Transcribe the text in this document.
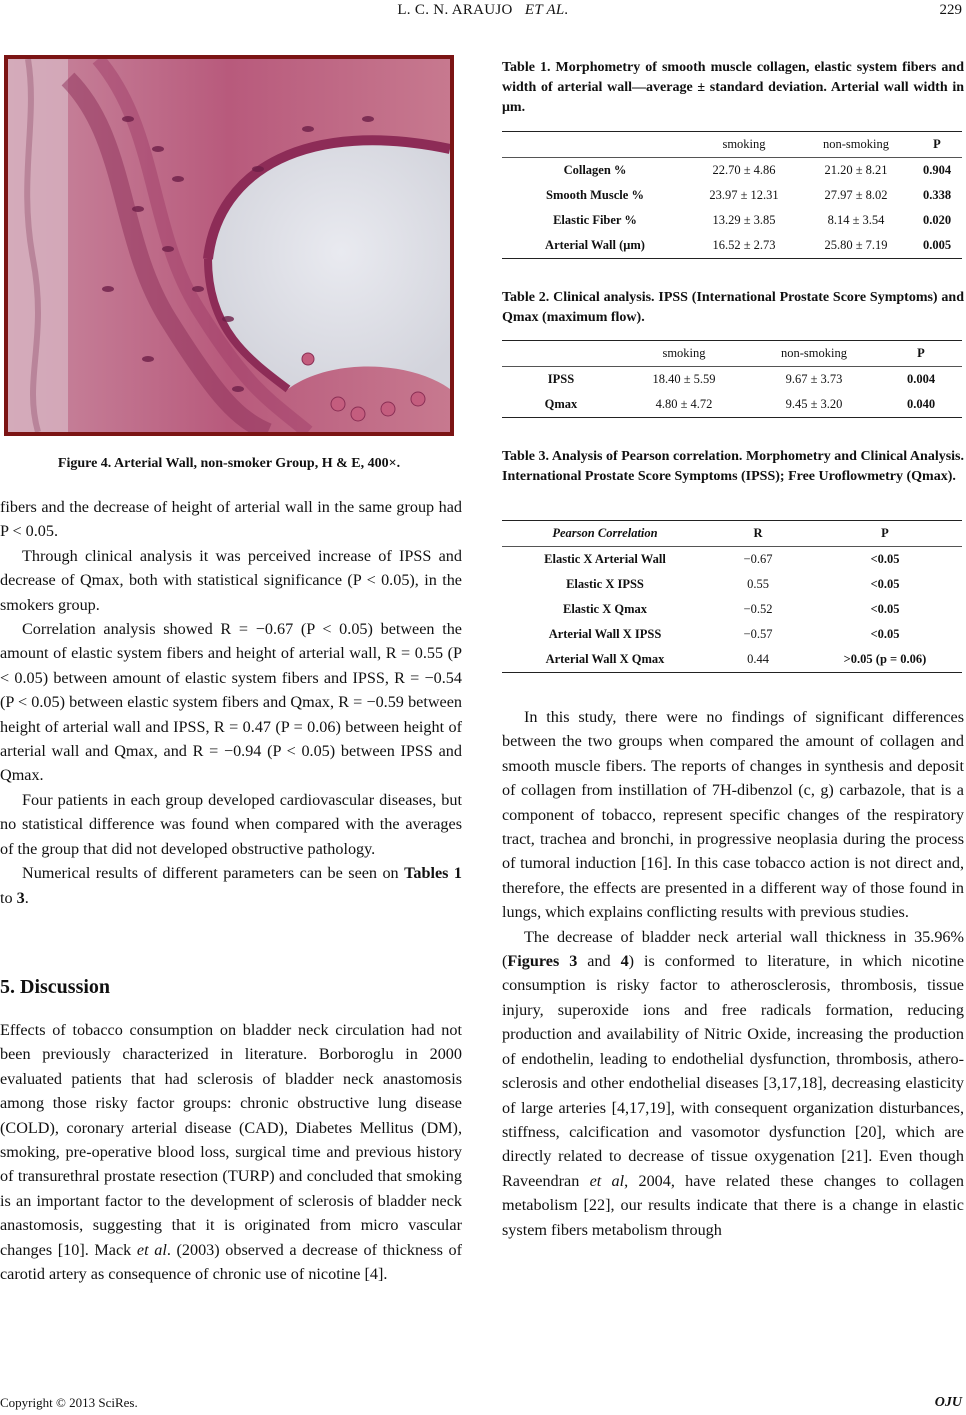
L. C. N. ARAUJO ET AL.	229
Figure 4. Arterial Wall, non-smoker Group, H & E, 400×.

fibers and the decrease of height of arterial wall in the same group had P < 0.05.

Through clinical analysis it was perceived increase of IPSS and decrease of Qmax, both with statistical significance (P < 0.05), in the smokers group.

Correlation analysis showed R = −0.67 (P < 0.05) between the amount of elastic system fibers and height of arterial wall, R = 0.55 (P < 0.05) between amount of elastic system fibers and IPSS, R = −0.54 (P < 0.05) between elastic system fibers and Qmax, R = −0.59 between height of arterial wall and IPSS, R = 0.47 (P = 0.06) between height of arterial wall and Qmax, and R = −0.94 (P < 0.05) between IPSS and Qmax.

Four patients in each group developed cardiovascular diseases, but no statistical difference was found when compared with the averages of the group that did not developed obstructive pathology.

Numerical results of different parameters can be seen on Tables 1 to 3.

5. Discussion

Effects of tobacco consumption on bladder neck circulation had not been previously characterized in literature. Borboroglu in 2000 evaluated patients that had sclerosis of bladder neck anastomosis among those risky factor groups: chronic obstructive lung disease (COLD), coronary arterial disease (CAD), Diabetes Mellitus (DM), smoking, pre-operative blood loss, surgical time and previous history of transurethral prostate resection (TURP) and concluded that smoking is an important factor to the development of sclerosis of bladder neck anastomosis, suggesting that it is originated from micro vascular changes [10]. Mack et al. (2003) observed a decrease of thickness of carotid artery as consequence of chronic use of nicotine [4].

Table 1. Morphometry of smooth muscle collagen, elastic system fibers and width of arterial wall—average ± standard deviation. Arterial wall width in μm.
	smoking	non-smoking	P
Collagen %	22.70 ± 4.86	21.20 ± 8.21	0.904
Smooth Muscle %	23.97 ± 12.31	27.97 ± 8.02	0.338
Elastic Fiber %	13.29 ± 3.85	8.14 ± 3.54	0.020
Arterial Wall (μm)	16.52 ± 2.73	25.80 ± 7.19	0.005
Table 2. Clinical analysis. IPSS (International Prostate Score Symptoms) and Qmax (maximum flow).
	smoking	non-smoking	P
IPSS	18.40 ± 5.59	9.67 ± 3.73	0.004
Qmax	4.80 ± 4.72	9.45 ± 3.20	0.040
Table 3. Analysis of Pearson correlation. Morphometry and Clinical Analysis. International Prostate Score Symptoms (IPSS); Free Uroflowmetry (Qmax).
Pearson Correlation	R	P
Elastic X Arterial Wall	−0.67	<0.05
Elastic X IPSS	0.55	<0.05
Elastic X Qmax	−0.52	<0.05
Arterial Wall X IPSS	−0.57	<0.05
Arterial Wall X Qmax	0.44	>0.05 (p = 0.06)

In this study, there were no findings of significant differences between the two groups when compared the amount of collagen and smooth muscle fibers. The reports of changes in synthesis and deposit of collagen from instillation of 7H-dibenzol (c, g) carbazole, that is a component of tobacco, represent specific changes of the respiratory tract, trachea and bronchi, in progressive neoplasia during the process of tumoral induction [16]. In this case tobacco action is not direct and, therefore, the effects are presented in a different way of those found in lungs, which explains conflicting results with previous studies.

The decrease of bladder neck arterial wall thickness in 35.96% (Figures 3 and 4) is conformed to literature, in which nicotine consumption is risky factor to atherosclerosis, thrombosis, tissue injury, superoxide ions and free radicals formation, reducing production and availability of Nitric Oxide, increasing the production of endothelin, leading to endothelial dysfunction, thrombosis, atherosclerosis and other endothelial diseases [3,17,18], decreasing elasticity of large arteries [4,17,19], with consequent organization disturbances, stiffness, calcification and vasomotor dysfunction [20], which are directly related to decrease of tissue oxygenation [21]. Even though Raveendran et al, 2004, have related these changes to collagen metabolism [22], our results indicate that there is a change in elastic system fibers metabolism through

Copyright © 2013 SciRes.	OJU
